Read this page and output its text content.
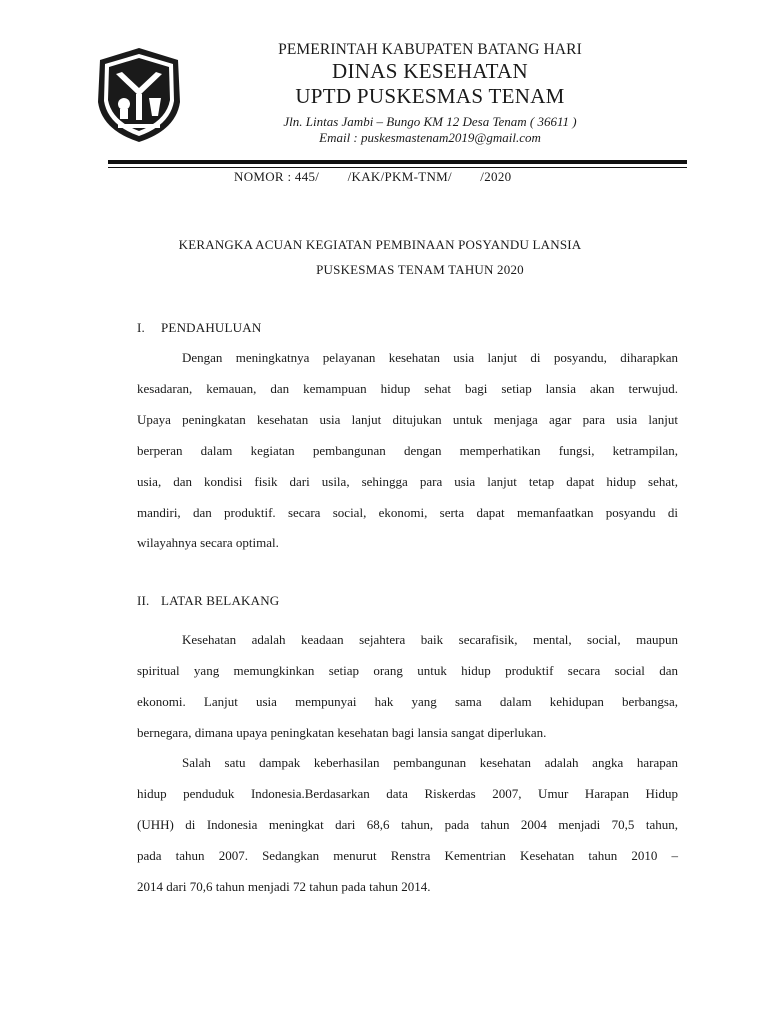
PEMERINTAH KABUPATEN BATANG HARI
DINAS KESEHATAN
UPTD PUSKESMAS TENAM
Jln. Lintas Jambi – Bungo KM 12 Desa Tenam ( 36611 )
Email : puskesmastenam2019@gmail.com
NOMOR : 445/        /KAK/PKM-TNM/        /2020
KERANGKA ACUAN KEGIATAN PEMBINAAN POSYANDU LANSIA
PUSKESMAS TENAM TAHUN 2020
I. PENDAHULUAN
Dengan meningkatnya pelayanan kesehatan usia lanjut di posyandu, diharapkan
kesadaran, kemauan, dan kemampuan hidup sehat bagi setiap lansia akan terwujud.
Upaya peningkatan kesehatan usia lanjut ditujukan untuk menjaga agar para usia lanjut
berperan dalam kegiatan pembangunan dengan memperhatikan fungsi, ketrampilan,
usia, dan kondisi fisik dari usila, sehingga para usia lanjut tetap dapat hidup sehat,
mandiri, dan produktif. secara social, ekonomi, serta dapat memanfaatkan posyandu di
wilayahnya secara optimal.
II. LATAR BELAKANG
Kesehatan adalah keadaan sejahtera baik secarafisik, mental, social, maupun
spiritual yang memungkinkan setiap orang untuk hidup produktif secara social dan
ekonomi. Lanjut usia mempunyai hak yang sama dalam kehidupan berbangsa,
bernegara, dimana upaya peningkatan kesehatan bagi lansia sangat diperlukan.
Salah satu dampak keberhasilan pembangunan kesehatan adalah angka harapan
hidup penduduk Indonesia.Berdasarkan data Riskerdas 2007, Umur Harapan Hidup
(UHH) di Indonesia meningkat dari 68,6 tahun, pada tahun 2004 menjadi 70,5 tahun,
pada tahun 2007. Sedangkan menurut Renstra Kementrian Kesehatan tahun 2010 –
2014 dari 70,6 tahun menjadi 72 tahun pada tahun 2014.
